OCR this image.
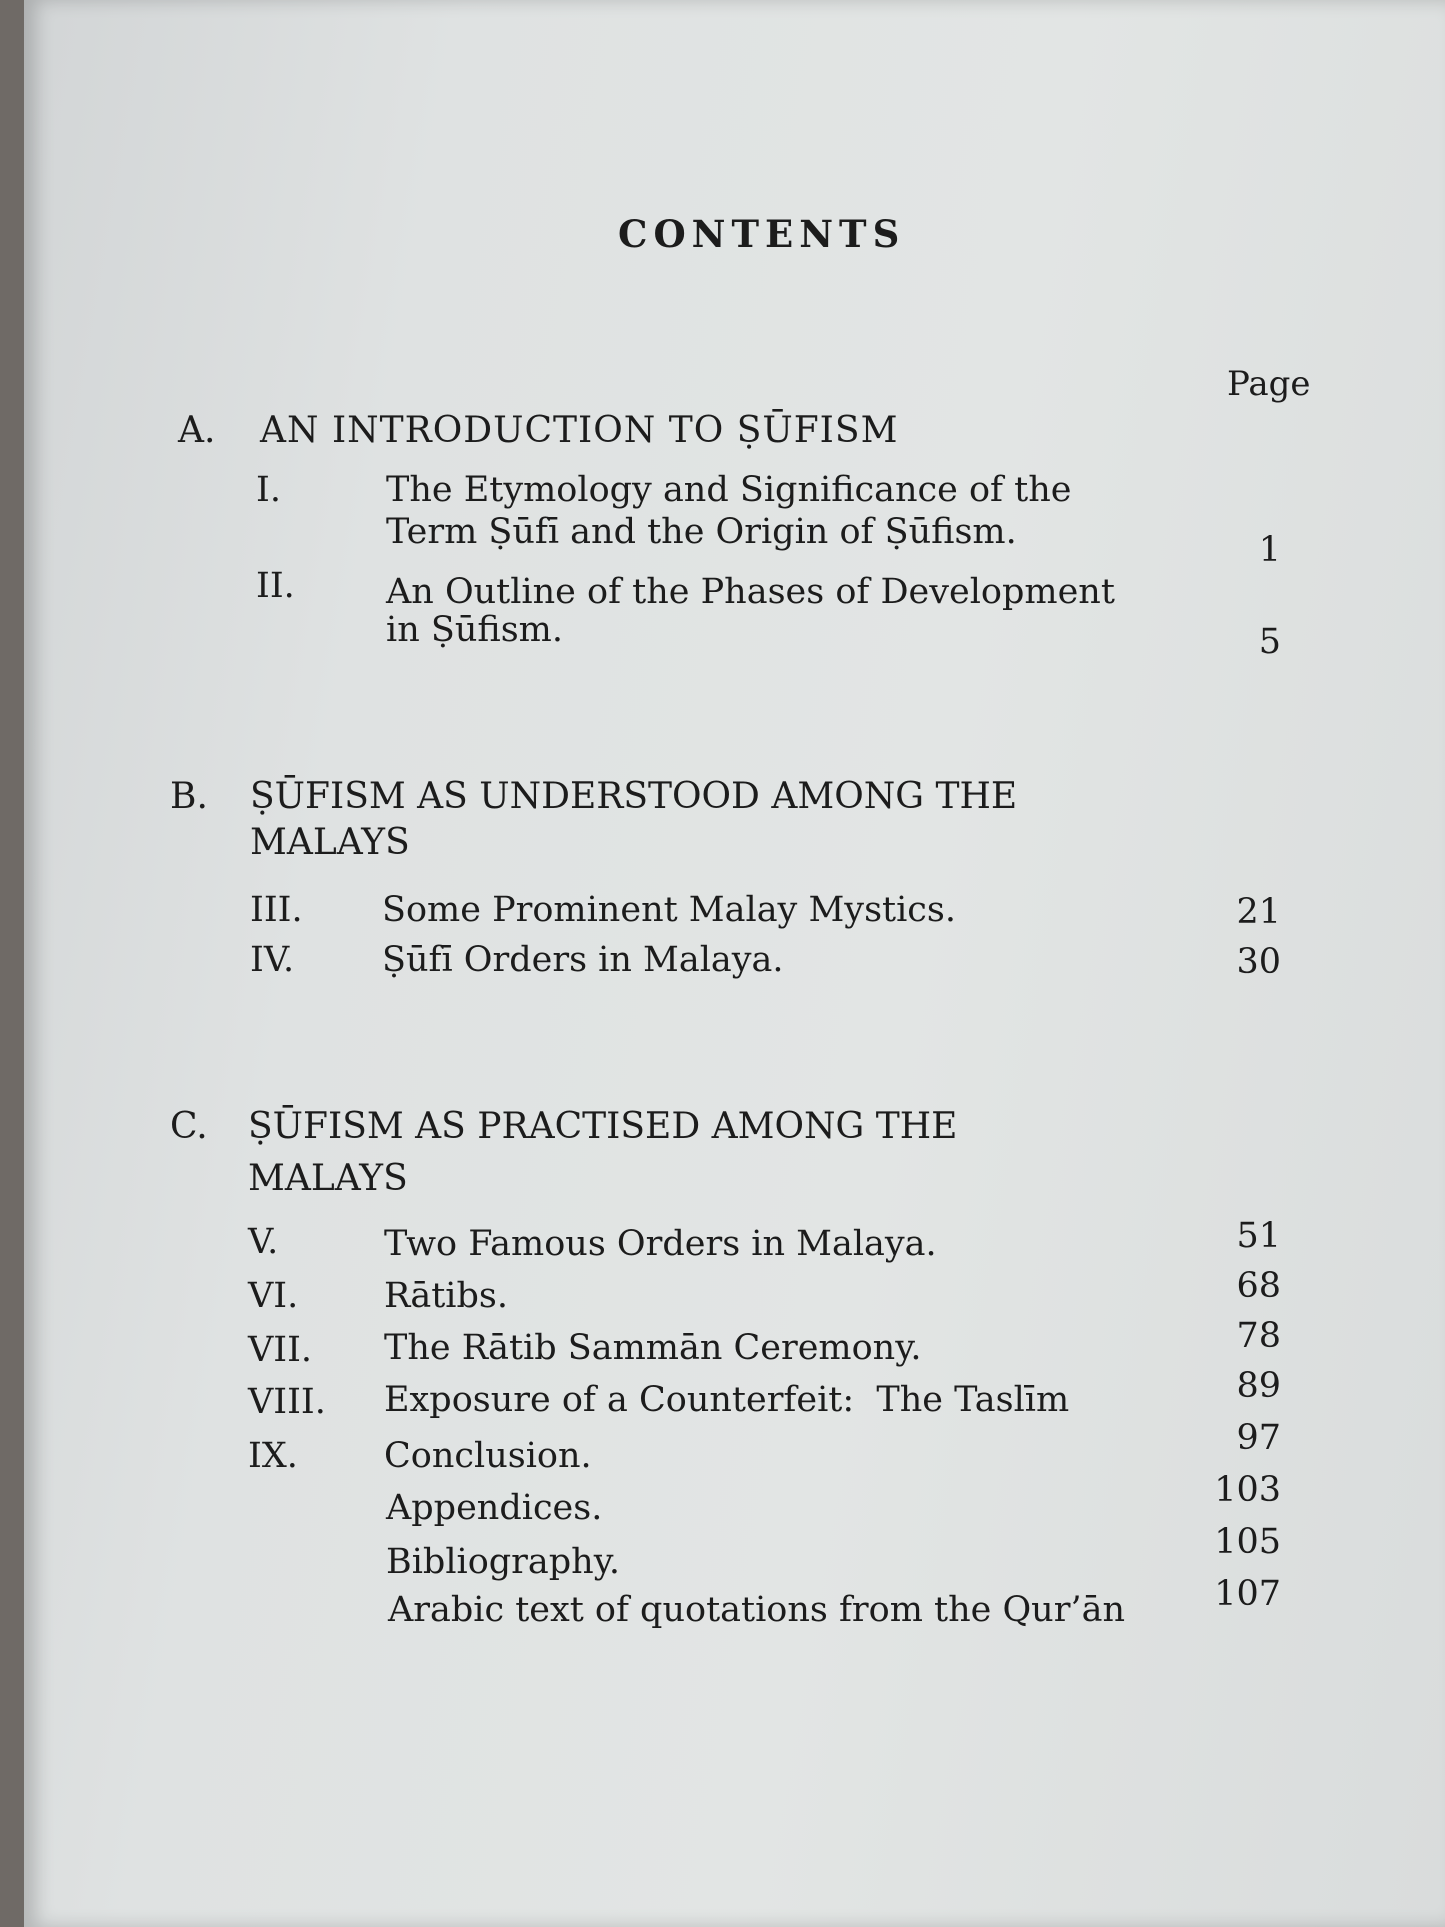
CONTENTS
Page
A. AN INTRODUCTION TO ṢŪFISM
I.	The Etymology and Significance of the
Term Ṣūfī and the Origin of Ṣūfism.	1
II.	An Outline of the Phases of Development
in Ṣūfism.	5
B. ṢŪFISM AS UNDERSTOOD AMONG THE
MALAYS
III. Some Prominent Malay Mystics.	21
IV.	Ṣūfī Orders in Malaya.	30
C. ṢŪFISM AS PRACTISED AMONG THE
MALAYS
V.	Two Famous Orders in Malaya.	51
VI. Rātibs.	68
VII. The Rātib Sammān Ceremony.	78
VIII. Exposure of a Counterfeit:  The Taslīm	89
IX. Conclusion.	97
Appendices.	103
Bibliography.	105
Arabic text of quotations from the Qur’ān	107
